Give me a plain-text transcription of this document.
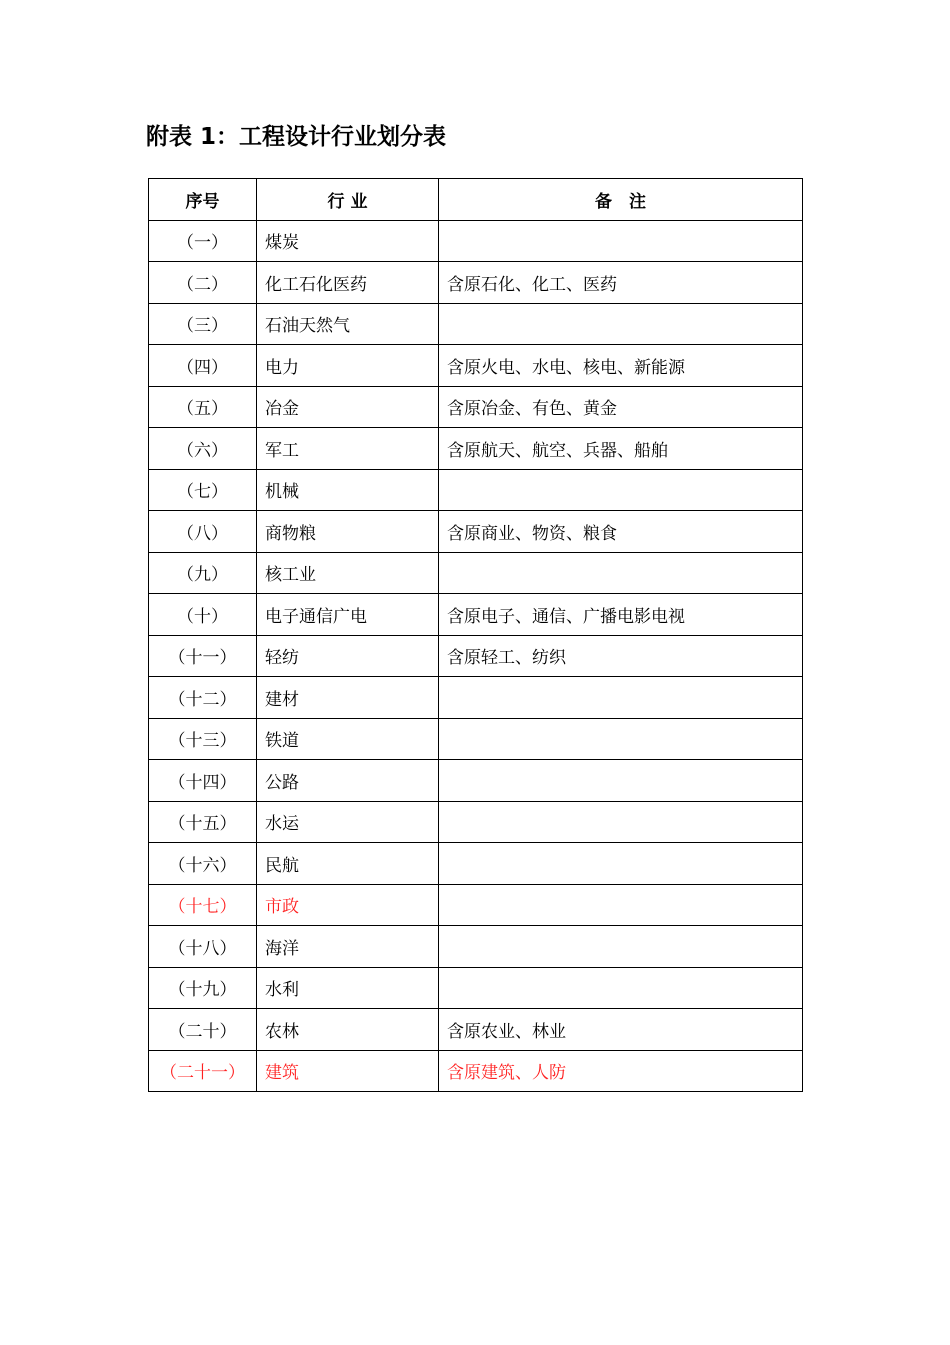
附表 1：工程设计行业划分表
序号	行 业	备　注
（一）	煤炭	
（二）	化工石化医药	含原石化、化工、医药
（三）	石油天然气	
（四）	电力	含原火电、水电、核电、新能源
（五）	冶金	含原冶金、有色、黄金
（六）	军工	含原航天、航空、兵器、船舶
（七）	机械	
（八）	商物粮	含原商业、物资、粮食
（九）	核工业	
（十）	电子通信广电	含原电子、通信、广播电影电视
（十一）	轻纺	含原轻工、纺织
（十二）	建材	
（十三）	铁道	
（十四）	公路	
（十五）	水运	
（十六）	民航	
（十七）	市政	
（十八）	海洋	
（十九）	水利	
（二十）	农林	含原农业、林业
（二十一）	建筑	含原建筑、人防
